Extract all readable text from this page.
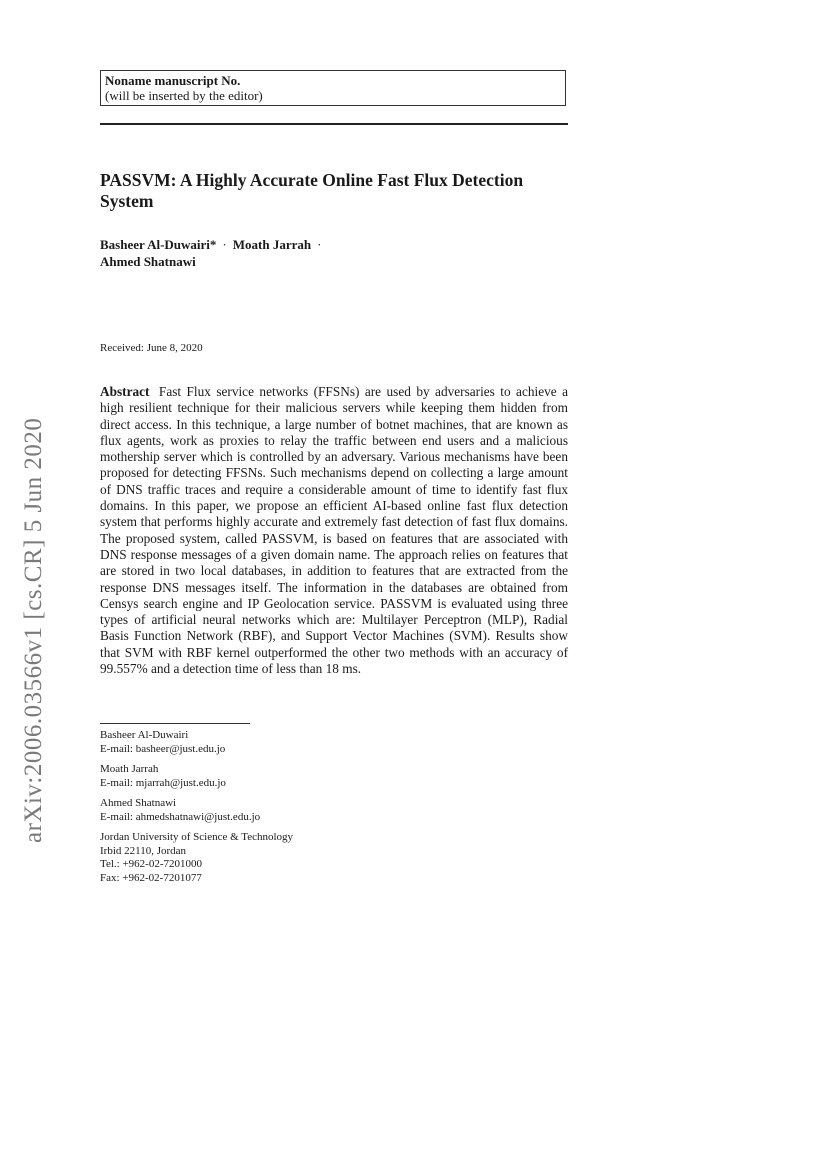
arXiv:2006.03566v1 [cs.CR] 5 Jun 2020
Noname manuscript No.
(will be inserted by the editor)
PASSVM: A Highly Accurate Online Fast Flux Detection System
Basheer Al-Duwairi* · Moath Jarrah ·
Ahmed Shatnawi
Received: June 8, 2020
Abstract Fast Flux service networks (FFSNs) are used by adversaries to achieve a high resilient technique for their malicious servers while keeping them hidden from direct access. In this technique, a large number of botnet machines, that are known as flux agents, work as proxies to relay the traffic between end users and a malicious mothership server which is controlled by an adversary. Various mechanisms have been proposed for detecting FFSNs. Such mechanisms depend on collecting a large amount of DNS traffic traces and require a considerable amount of time to identify fast flux domains. In this paper, we propose an efficient AI-based online fast flux detection system that performs highly accurate and extremely fast detection of fast flux domains. The proposed system, called PASSVM, is based on features that are associated with DNS response messages of a given domain name. The approach relies on features that are stored in two local databases, in addition to features that are extracted from the response DNS messages itself. The information in the databases are obtained from Censys search engine and IP Geolocation service. PASSVM is evaluated using three types of artificial neural networks which are: Multilayer Perceptron (MLP), Radial Basis Function Network (RBF), and Support Vector Machines (SVM). Results show that SVM with RBF kernel outperformed the other two methods with an accuracy of 99.557% and a detection time of less than 18 ms.
Basheer Al-Duwairi
E-mail: basheer@just.edu.jo
Moath Jarrah
E-mail: mjarrah@just.edu.jo
Ahmed Shatnawi
E-mail: ahmedshatnawi@just.edu.jo
Jordan University of Science & Technology
Irbid 22110, Jordan
Tel.: +962-02-7201000
Fax: +962-02-7201077
